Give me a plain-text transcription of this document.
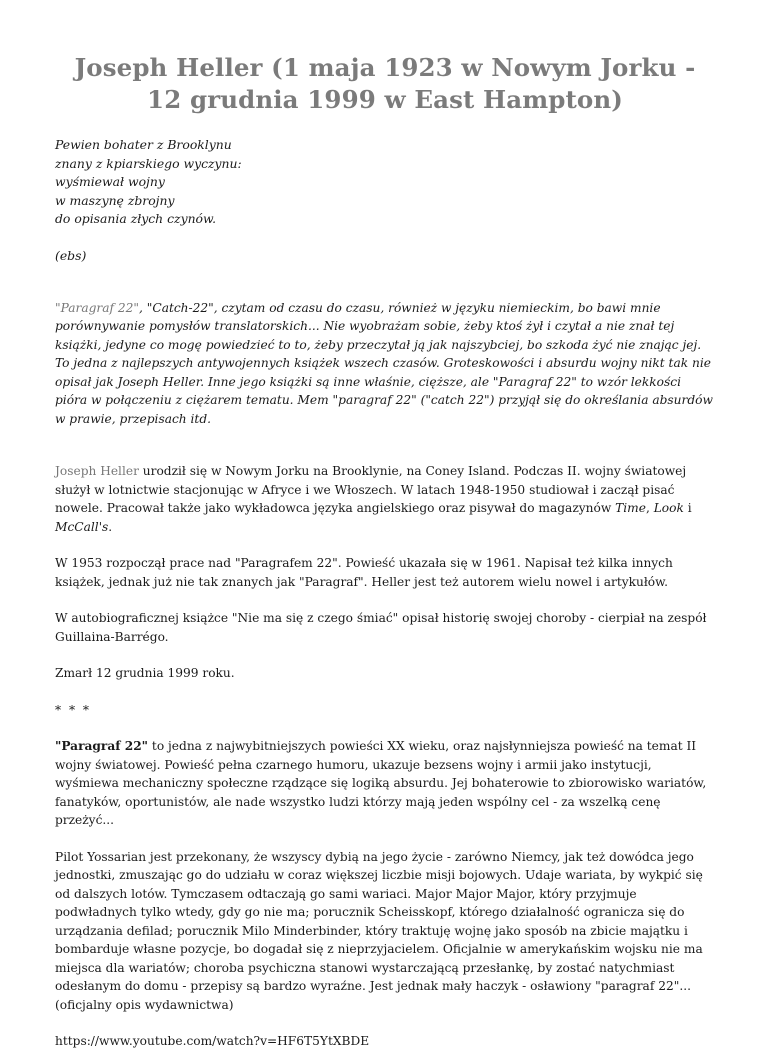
Joseph Heller (1 maja 1923 w Nowym Jorku - 12 grudnia 1999 w East Hampton)
Pewien bohater z Brooklynu
znany z kpiarskiego wyczynu:
wyśmiewał wojny
w maszynę zbrojny
do opisania złych czynów.
(ebs)

"Paragraf 22", "Catch-22", czytam od czasu do czasu, również w języku niemieckim, bo bawi mnie porównywanie pomysłów translatorskich... Nie wyobrażam sobie, żeby ktoś żył i czytał a nie znał tej książki, jedyne co mogę powiedzieć to to, żeby przeczytał ją jak najszybciej, bo szkoda żyć nie znając jej. To jedna z najlepszych antywojennych książek wszech czasów. Groteskowości i absurdu wojny nikt tak nie opisał jak Joseph Heller. Inne jego książki są inne właśnie, cięższe, ale "Paragraf 22" to wzór lekkości pióra w połączeniu z ciężarem tematu. Mem "paragraf 22" ("catch 22") przyjął się do określania absurdów w prawie, przepisach itd.

Joseph Heller urodził się w Nowym Jorku na Brooklynie, na Coney Island. Podczas II. wojny światowej służył w lotnictwie stacjonując w Afryce i we Włoszech. W latach 1948-1950 studiował i zaczął pisać nowele. Pracował także jako wykładowca języka angielskiego oraz pisywał do magazynów Time, Look i McCall's.

W 1953 rozpoczął prace nad "Paragrafem 22". Powieść ukazała się w 1961. Napisał też kilka innych książek, jednak już nie tak znanych jak "Paragraf". Heller jest też autorem wielu nowel i artykułów.

W autobiograficznej książce "Nie ma się z czego śmiać" opisał historię swojej choroby - cierpiał na zespół Guillaina-Barrégo.

Zmarł 12 grudnia 1999 roku.

* * *

"Paragraf 22" to jedna z najwybitniejszych powieści XX wieku, oraz najsłynniejsza powieść na temat II wojny światowej. Powieść pełna czarnego humoru, ukazuje bezsens wojny i armii jako instytucji, wyśmiewa mechaniczny społeczne rządzące się logiką absurdu. Jej bohaterowie to zbiorowisko wariatów, fanatyków, oportunistów, ale nade wszystko ludzi którzy mają jeden wspólny cel - za wszelką cenę przeżyć...

Pilot Yossarian jest przekonany, że wszyscy dybią na jego życie - zarówno Niemcy, jak też dowódca jego jednostki, zmuszając go do udziału w coraz większej liczbie misji bojowych. Udaje wariata, by wykpić się od dalszych lotów. Tymczasem odtaczają go sami wariaci. Major Major Major, który przyjmuje podwładnych tylko wtedy, gdy go nie ma; porucznik Scheisskopf, którego działalność ogranicza się do urządzania defilad; porucznik Milo Minderbinder, który traktuję wojnę jako sposób na zbicie majątku i bombarduje własne pozycje, bo dogadał się z nieprzyjacielem. Oficjalnie w amerykańskim wojsku nie ma miejsca dla wariatów; choroba psychiczna stanowi wystarczającą przesłankę, by zostać natychmiast odesłanym do domu - przepisy są bardzo wyraźne. Jest jednak mały haczyk - osławiony "paragraf 22"... (oficjalny opis wydawnictwa)

https://www.youtube.com/watch?v=HF6T5YtXBDE
